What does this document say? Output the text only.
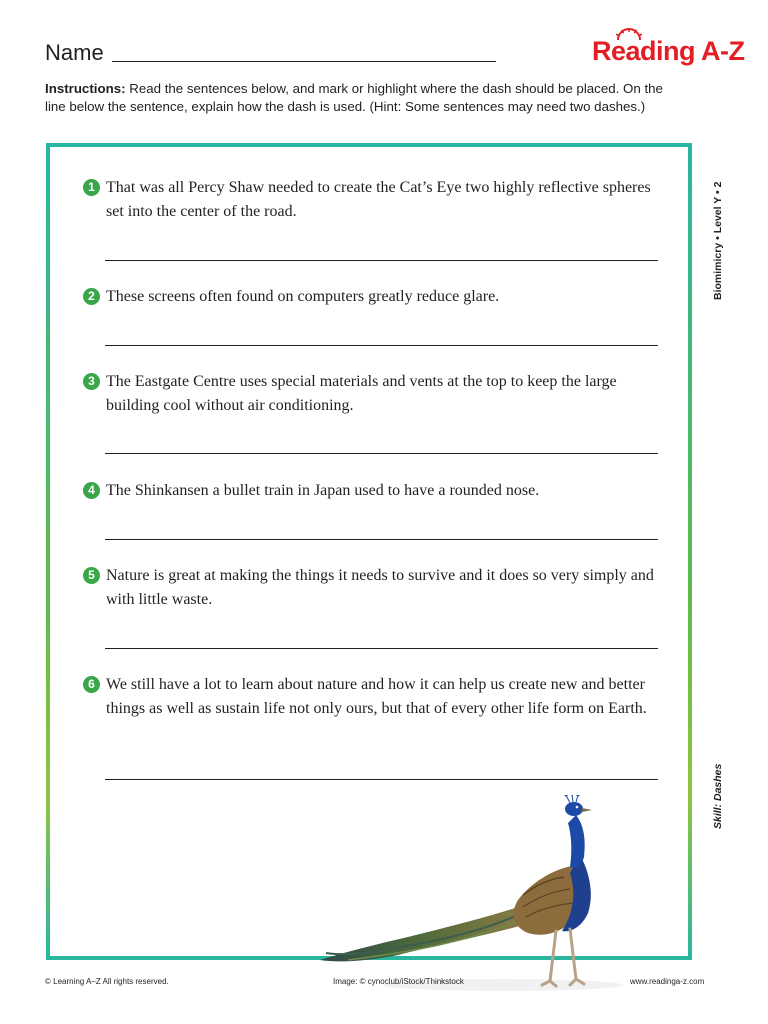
Name	Reading A-Z
Instructions: Read the sentences below, and mark or highlight where the dash should be placed. On the line below the sentence, explain how the dash is used. (Hint: Some sentences may need two dashes.)
1 That was all Percy Shaw needed to create the Cat’s Eye two highly reflective spheres set into the center of the road.
2 These screens often found on computers greatly reduce glare.
3 The Eastgate Centre uses special materials and vents at the top to keep the large building cool without air conditioning.
4 The Shinkansen a bullet train in Japan used to have a rounded nose.
5 Nature is great at making the things it needs to survive and it does so very simply and with little waste.
6 We still have a lot to learn about nature and how it can help us create new and better things as well as sustain life not only ours, but that of every other life form on Earth.
Biomimicry • Level Y • 2
Skill: Dashes
© Learning A–Z All rights reserved.	Image: © cynoclub/iStock/Thinkstock	www.readinga-z.com
